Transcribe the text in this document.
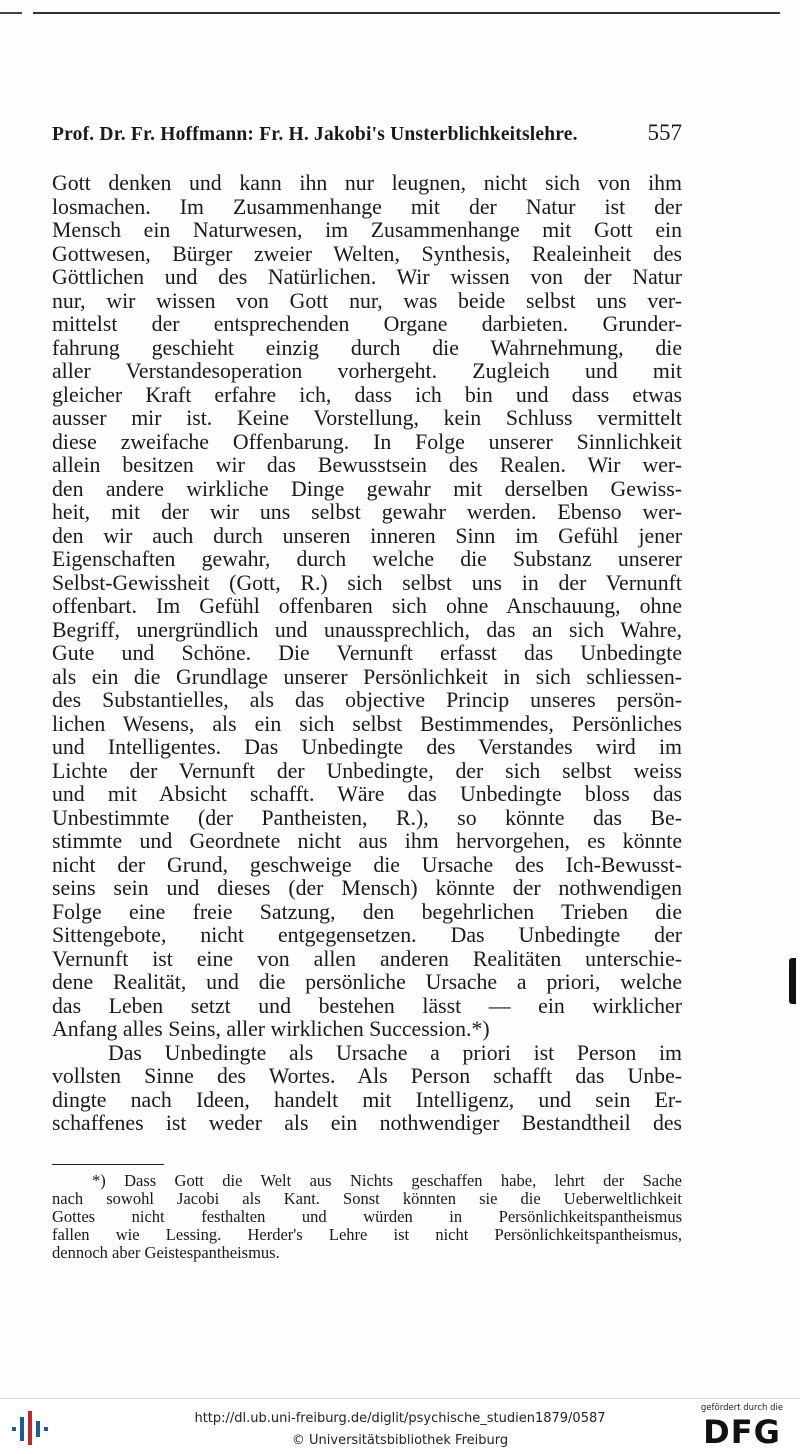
Prof. Dr. Fr. Hoffmann: Fr. H. Jakobi's Unsterblichkeitslehre.	557
Gott denken und kann ihn nur leugnen, nicht sich von ihm
losmachen. Im Zusammenhange mit der Natur ist der
Mensch ein Naturwesen, im Zusammenhange mit Gott ein
Gottwesen, Bürger zweier Welten, Synthesis, Realeinheit des
Göttlichen und des Natürlichen. Wir wissen von der Natur
nur, wir wissen von Gott nur, was beide selbst uns ver-
mittelst der entsprechenden Organe darbieten. Grunder-
fahrung geschieht einzig durch die Wahrnehmung, die
aller Verstandesoperation vorhergeht. Zugleich und mit
gleicher Kraft erfahre ich, dass ich bin und dass etwas
ausser mir ist. Keine Vorstellung, kein Schluss vermittelt
diese zweifache Offenbarung. In Folge unserer Sinnlichkeit
allein besitzen wir das Bewusstsein des Realen. Wir wer-
den andere wirkliche Dinge gewahr mit derselben Gewiss-
heit, mit der wir uns selbst gewahr werden. Ebenso wer-
den wir auch durch unseren inneren Sinn im Gefühl jener
Eigenschaften gewahr, durch welche die Substanz unserer
Selbst-Gewissheit (Gott, R.) sich selbst uns in der Vernunft
offenbart. Im Gefühl offenbaren sich ohne Anschauung, ohne
Begriff, unergründlich und unaussprechlich, das an sich Wahre,
Gute und Schöne. Die Vernunft erfasst das Unbedingte
als ein die Grundlage unserer Persönlichkeit in sich schliessen-
des Substantielles, als das objective Princip unseres persön-
lichen Wesens, als ein sich selbst Bestimmendes, Persönliches
und Intelligentes. Das Unbedingte des Verstandes wird im
Lichte der Vernunft der Unbedingte, der sich selbst weiss
und mit Absicht schafft. Wäre das Unbedingte bloss das
Unbestimmte (der Pantheisten, R.), so könnte das Be-
stimmte und Geordnete nicht aus ihm hervorgehen, es könnte
nicht der Grund, geschweige die Ursache des Ich-Bewusst-
seins sein und dieses (der Mensch) könnte der nothwendigen
Folge eine freie Satzung, den begehrlichen Trieben die
Sittengebote, nicht entgegensetzen. Das Unbedingte der
Vernunft ist eine von allen anderen Realitäten unterschie-
dene Realität, und die persönliche Ursache a priori, welche
das Leben setzt und bestehen lässt — ein wirklicher
Anfang alles Seins, aller wirklichen Succession.*)
Das Unbedingte als Ursache a priori ist Person im
vollsten Sinne des Wortes. Als Person schafft das Unbe-
dingte nach Ideen, handelt mit Intelligenz, und sein Er-
schaffenes ist weder als ein nothwendiger Bestandtheil des
*) Dass Gott die Welt aus Nichts geschaffen habe, lehrt der Sache
nach sowohl Jacobi als Kant. Sonst könnten sie die Ueberweltlichkeit
Gottes nicht festhalten und würden in Persönlichkeitspantheismus
fallen wie Lessing. Herder's Lehre ist nicht Persönlichkeitspantheismus,
dennoch aber Geistespantheismus.
http://dl.ub.uni-freiburg.de/diglit/psychische_studien1879/0587
© Universitätsbibliothek Freiburg
gefördert durch die
DFG
